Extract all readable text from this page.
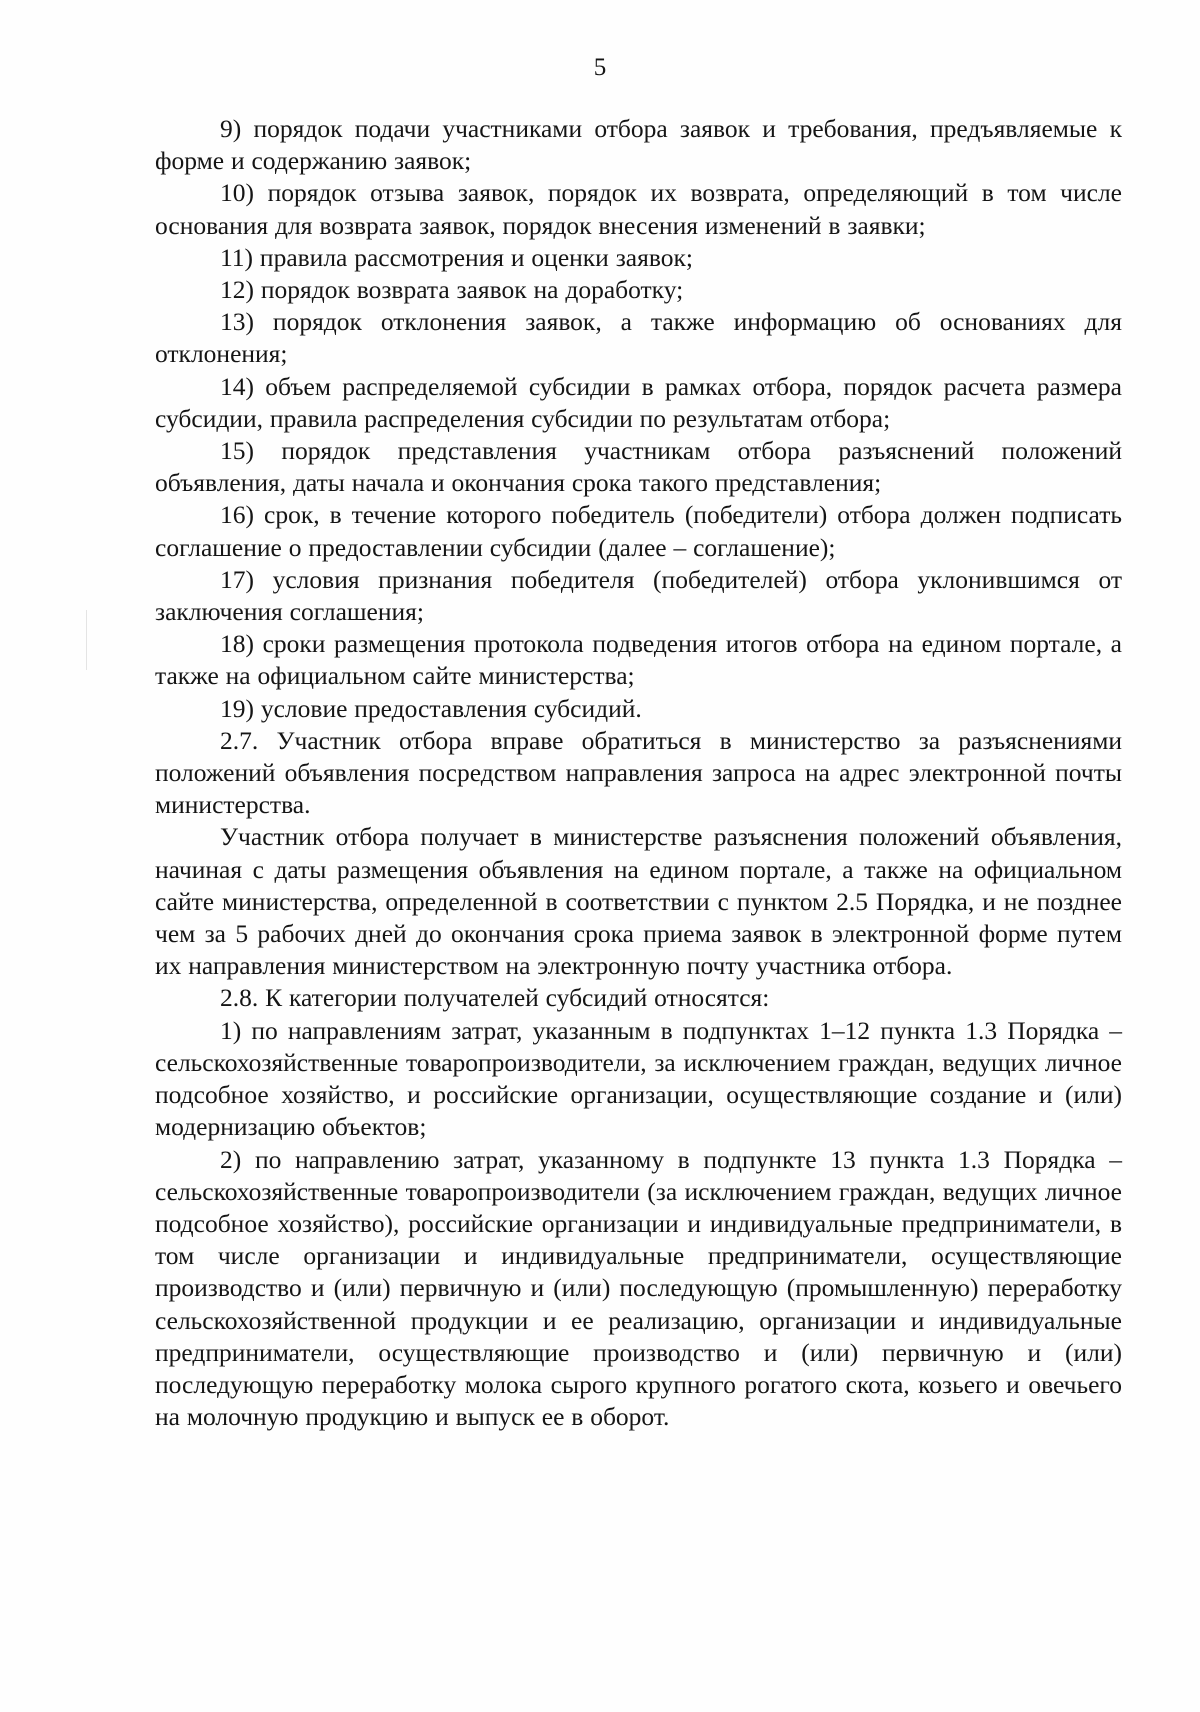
5

9) порядок подачи участниками отбора заявок и требования, предъявляемые к форме и содержанию заявок;

10) порядок отзыва заявок, порядок их возврата, определяющий в том числе основания для возврата заявок, порядок внесения изменений в заявки;

11) правила рассмотрения и оценки заявок;

12) порядок возврата заявок на доработку;

13) порядок отклонения заявок, а также информацию об основаниях для отклонения;

14) объем распределяемой субсидии в рамках отбора, порядок расчета размера субсидии, правила распределения субсидии по результатам отбора;

15) порядок представления участникам отбора разъяснений положений объявления, даты начала и окончания срока такого представления;

16) срок, в течение которого победитель (победители) отбора должен подписать соглашение о предоставлении субсидии (далее – соглашение);

17) условия признания победителя (победителей) отбора уклонившимся от заключения соглашения;

18) сроки размещения протокола подведения итогов отбора на едином портале, а также на официальном сайте министерства;

19) условие предоставления субсидий.

2.7. Участник отбора вправе обратиться в министерство за разъяснениями положений объявления посредством направления запроса на адрес электронной почты министерства.

Участник отбора получает в министерстве разъяснения положений объявления, начиная с даты размещения объявления на едином портале, а также на официальном сайте министерства, определенной в соответствии с пунктом 2.5 Порядка, и не позднее чем за 5 рабочих дней до окончания срока приема заявок в электронной форме путем их направления министерством на электронную почту участника отбора.

2.8. К категории получателей субсидий относятся:

1) по направлениям затрат, указанным в подпунктах 1–12 пункта 1.3 Порядка – сельскохозяйственные товаропроизводители, за исключением граждан, ведущих личное подсобное хозяйство, и российские организации, осуществляющие создание и (или) модернизацию объектов;

2) по направлению затрат, указанному в подпункте 13 пункта 1.3 Порядка – сельскохозяйственные товаропроизводители (за исключением граждан, ведущих личное подсобное хозяйство), российские организации и индивидуальные предприниматели, в том числе организации и индивидуальные предприниматели, осуществляющие производство и (или) первичную и (или) последующую (промышленную) переработку сельскохозяйственной продукции и ее реализацию, организации и индивидуальные предприниматели, осуществляющие производство и (или) первичную и (или) последующую переработку молока сырого крупного рогатого скота, козьего и овечьего на молочную продукцию и выпуск ее в оборот.
